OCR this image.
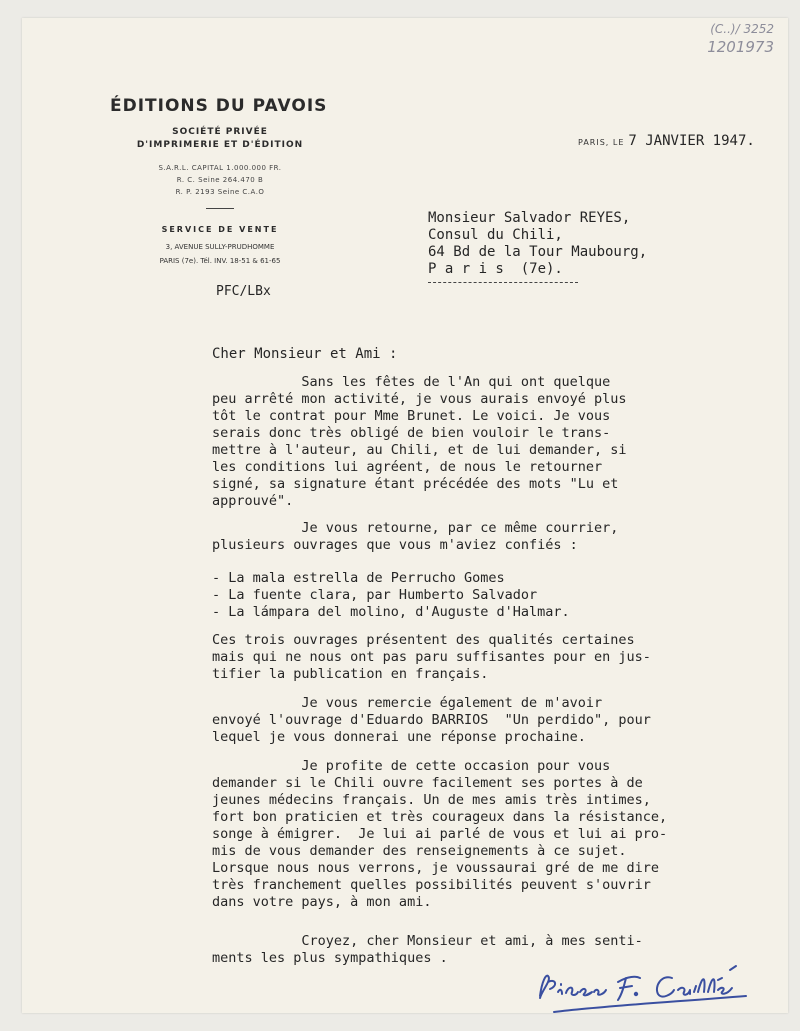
(C..)/ 3252
1201973
ÉDITIONS DU PAVOIS
SOCIÉTÉ PRIVÉE
D'IMPRIMERIE ET D'ÉDITION
S.A.R.L. CAPITAL 1.000.000 FR.
R. C. Seine 264.470 B
R. P. 2193 Seine C.A.O
SERVICE DE VENTE
3, AVENUE SULLY-PRUDHOMME
PARIS (7e). Tél. INV. 18-51 & 61-65
PFC/LBx
PARIS, LE 7 JANVIER 1947.
Monsieur Salvador REYES,
Consul du Chili,
64 Bd de la Tour Maubourg,
P a r i s  (7e).
Cher Monsieur et Ami :
Sans les fêtes de l'An qui ont quelque
peu arrêté mon activité, je vous aurais envoyé plus
tôt le contrat pour Mme Brunet. Le voici. Je vous
serais donc très obligé de bien vouloir le trans-
mettre à l'auteur, au Chili, et de lui demander, si
les conditions lui agréent, de nous le retourner
signé, sa signature étant précédée des mots "Lu et
approuvé".
Je vous retourne, par ce même courrier,
plusieurs ouvrages que vous m'aviez confiés :
- La mala estrella de Perrucho Gomes
- La fuente clara, par Humberto Salvador
- La lámpara del molino, d'Auguste d'Halmar.
Ces trois ouvrages présentent des qualités certaines
mais qui ne nous ont pas paru suffisantes pour en jus-
tifier la publication en français.
Je vous remercie également de m'avoir
envoyé l'ouvrage d'Eduardo BARRIOS  "Un perdido", pour
lequel je vous donnerai une réponse prochaine.
Je profite de cette occasion pour vous
demander si le Chili ouvre facilement ses portes à de
jeunes médecins français. Un de mes amis très intimes,
fort bon praticien et très courageux dans la résistance,
songe à émigrer.  Je lui ai parlé de vous et lui ai pro-
mis de vous demander des renseignements à ce sujet.
Lorsque nous nous verrons, je voussaurai gré de me dire
très franchement quelles possibilités peuvent s'ouvrir
dans votre pays, à mon ami.
Croyez, cher Monsieur et ami, à mes senti-
ments les plus sympathiques .
